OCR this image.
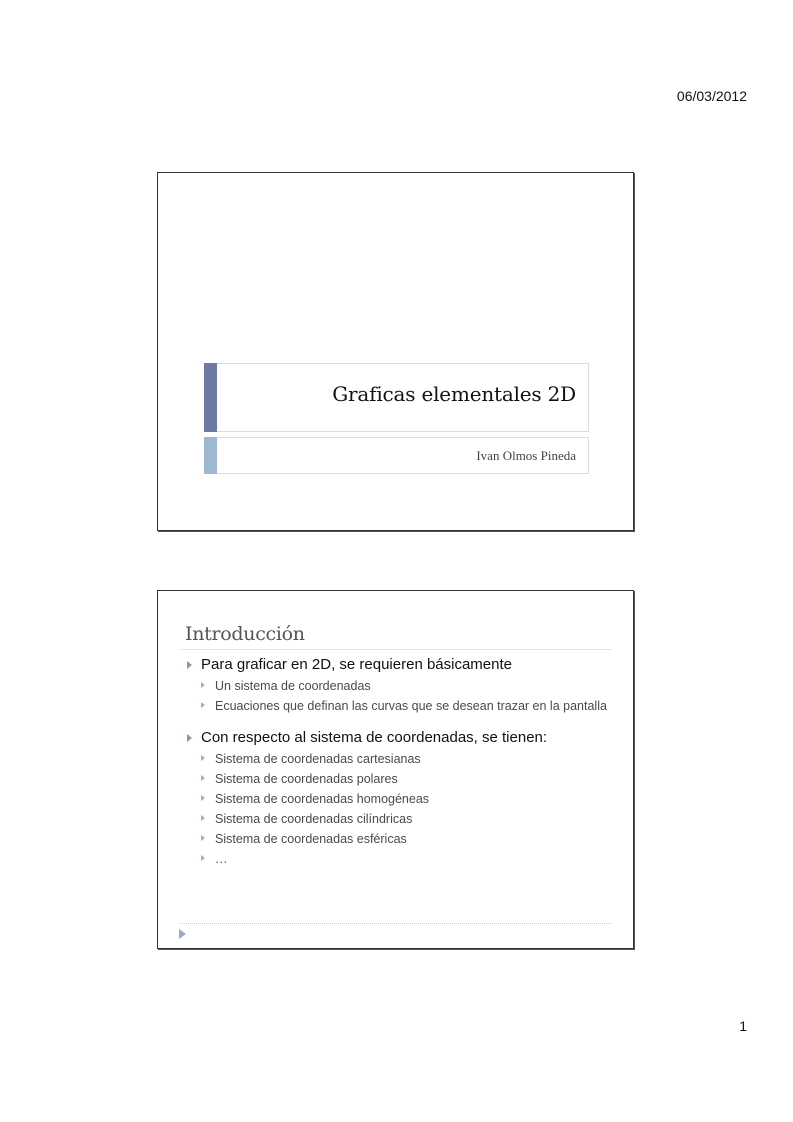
06/03/2012
Graficas elementales 2D
Ivan Olmos Pineda
Introducción
Para graficar en 2D, se requieren básicamente
Un sistema de coordenadas
Ecuaciones que definan las curvas que se desean trazar en la pantalla
Con respecto al sistema de coordenadas, se tienen:
Sistema de coordenadas cartesianas
Sistema de coordenadas polares
Sistema de coordenadas homogéneas
Sistema de coordenadas cilíndricas
Sistema de coordenadas esféricas
…
1
